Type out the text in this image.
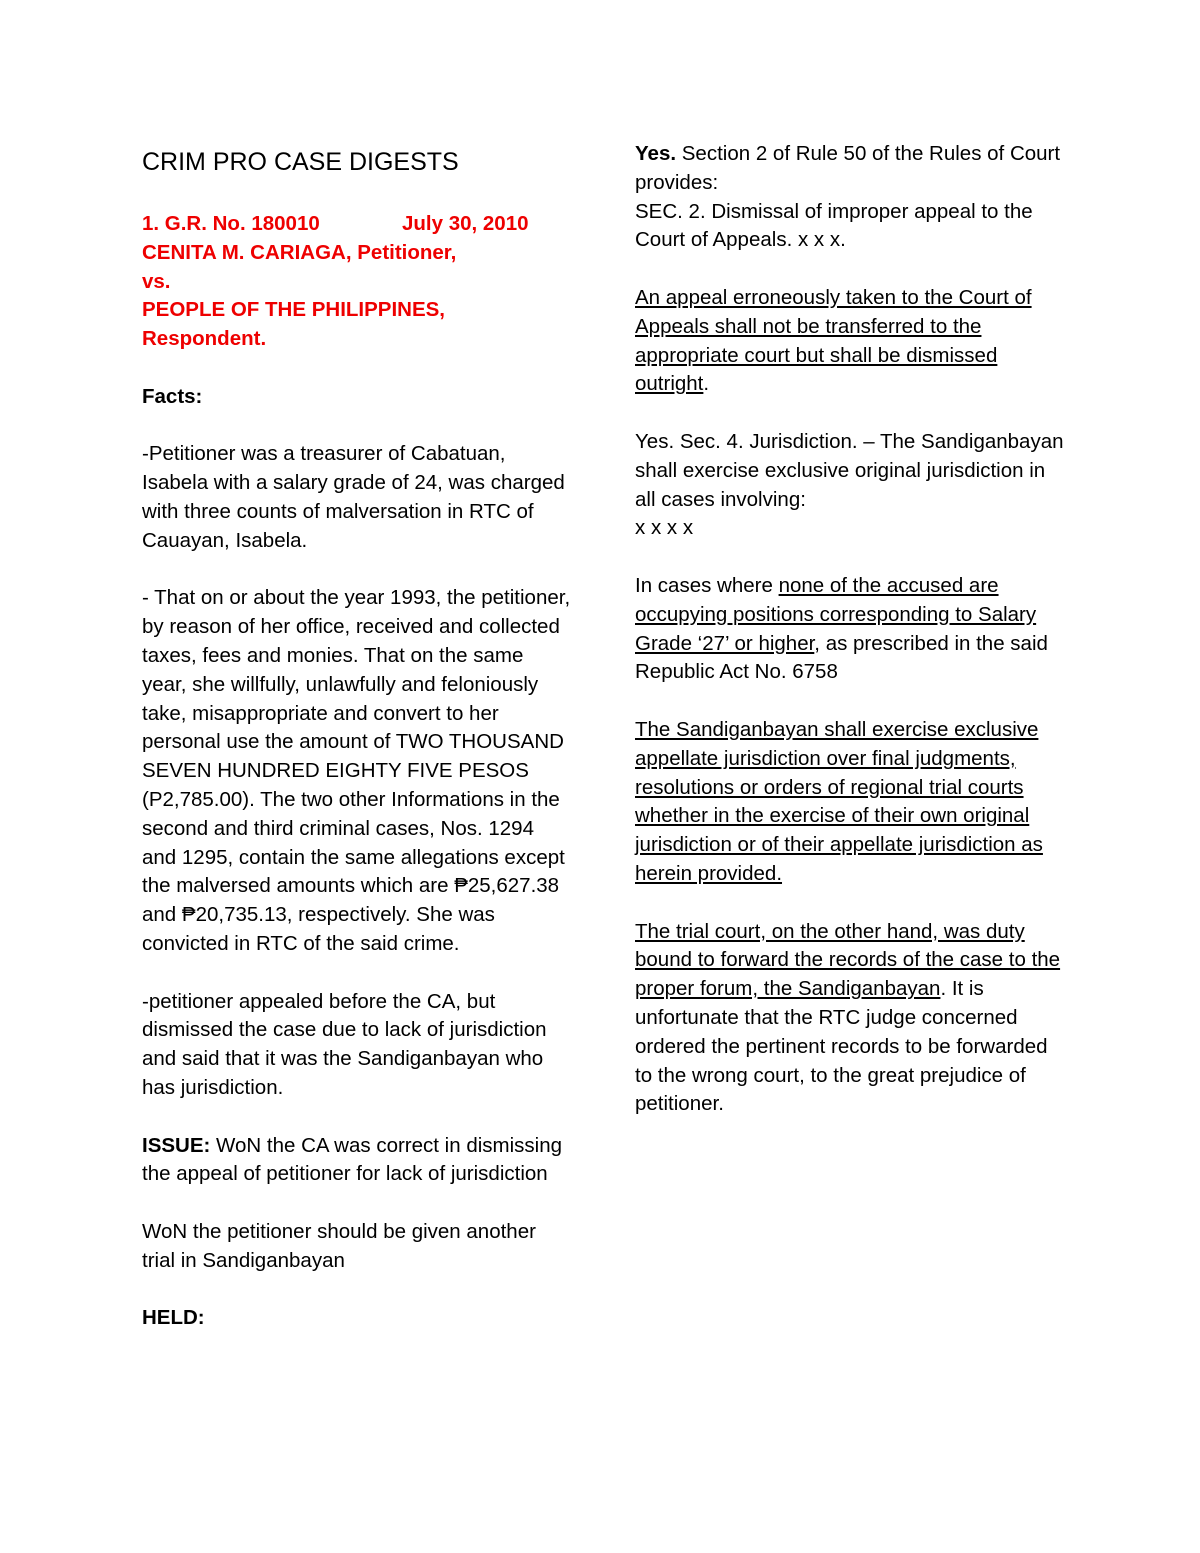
CRIM PRO CASE DIGESTS

1. G.R. No. 180010	July 30, 2010

CENITA M. CARIAGA, Petitioner,

vs.

PEOPLE OF THE PHILIPPINES, Respondent.

Facts:

-Petitioner was a treasurer of Cabatuan, Isabela with a salary grade of 24, was charged with three counts of malversation in RTC of Cauayan, Isabela.

- That on or about the year 1993, the petitioner, by reason of her office, received and collected taxes, fees and monies. That on the same year, she willfully, unlawfully and feloniously take, misappropriate and convert to her personal use the amount of TWO THOUSAND SEVEN HUNDRED EIGHTY FIVE PESOS (P2,785.00). The two other Informations in the second and third criminal cases, Nos. 1294 and 1295, contain the same allegations except the malversed amounts which are ₱25,627.38 and ₱20,735.13, respectively. She was convicted in RTC of the said crime.

-petitioner appealed before the CA, but dismissed the case due to lack of jurisdiction and said that it was the Sandiganbayan who has jurisdiction.

ISSUE: WoN the CA was correct in dismissing the appeal of petitioner for lack of jurisdiction

WoN the petitioner should be given another trial in Sandiganbayan

HELD:

Yes. Section 2 of Rule 50 of the Rules of Court provides:

SEC. 2. Dismissal of improper appeal to the Court of Appeals. x x x.

An appeal erroneously taken to the Court of Appeals shall not be transferred to the appropriate court but shall be dismissed outright.

Yes. Sec. 4. Jurisdiction. – The Sandiganbayan shall exercise exclusive original jurisdiction in all cases involving:

x x x x

In cases where none of the accused are occupying positions corresponding to Salary Grade ‘27’ or higher, as prescribed in the said Republic Act No. 6758

The Sandiganbayan shall exercise exclusive appellate jurisdiction over final judgments, resolutions or orders of regional trial courts whether in the exercise of their own original jurisdiction or of their appellate jurisdiction as herein provided.

The trial court, on the other hand, was duty bound to forward the records of the case to the proper forum, the Sandiganbayan. It is unfortunate that the RTC judge concerned ordered the pertinent records to be forwarded to the wrong court, to the great prejudice of petitioner.
